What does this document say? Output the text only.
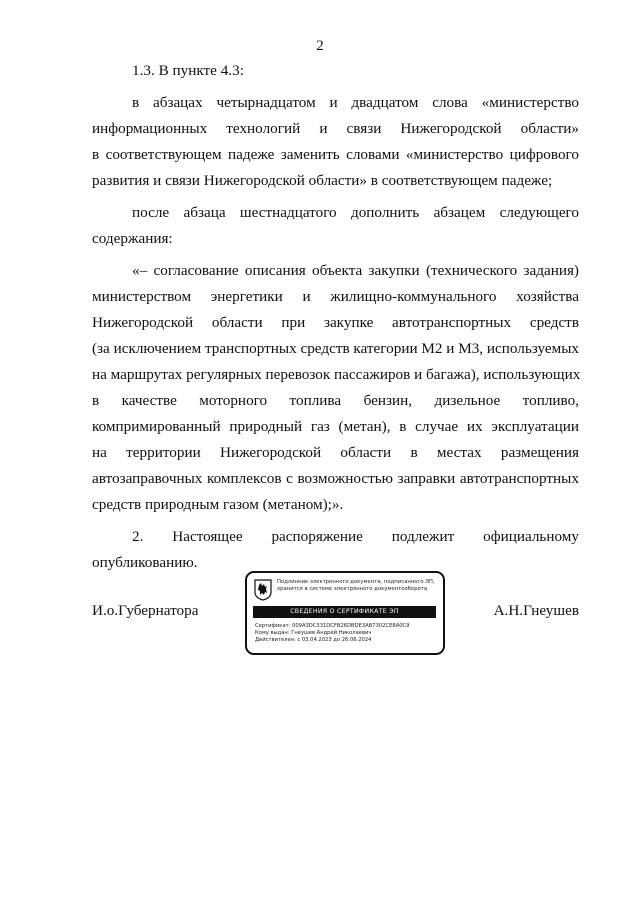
2
1.3. В пункте 4.3:
в абзацах четырнадцатом и двадцатом слова «министерство
информационных технологий и связи Нижегородской области»
в соответствующем падеже заменить словами «министерство цифрового
развития и связи Нижегородской области» в соответствующем падеже;
после абзаца шестнадцатого дополнить абзацем следующего
содержания:
«– согласование описания объекта закупки (технического задания)
министерством энергетики и жилищно-коммунального хозяйства
Нижегородской области при закупке автотранспортных средств
(за исключением транспортных средств категории М2 и М3, используемых
на маршрутах регулярных перевозок пассажиров и багажа), использующих
в качестве моторного топлива бензин, дизельное топливо,
компримированный природный газ (метан), в случае их эксплуатации
на территории Нижегородской области в местах размещения
автозаправочных комплексов с возможностью заправки автотранспортных
средств природным газом (метаном);».
2. Настоящее распоряжение подлежит официальному
опубликованию.
И.о.Губернатора	А.Н.Гнеушев
Подлинник электронного документа, подписанного ЭП,
хранится в системе электронного документооборота
СВЕДЕНИЯ О СЕРТИФИКАТЕ ЭП
Сертификат: 009A3DC331DCFB26DBDE3AB7302CE8A0C9
Кому выдан: Гнеушев Андрей Николаевич
Действителен: с 03.04.2023 до 26.06.2024
